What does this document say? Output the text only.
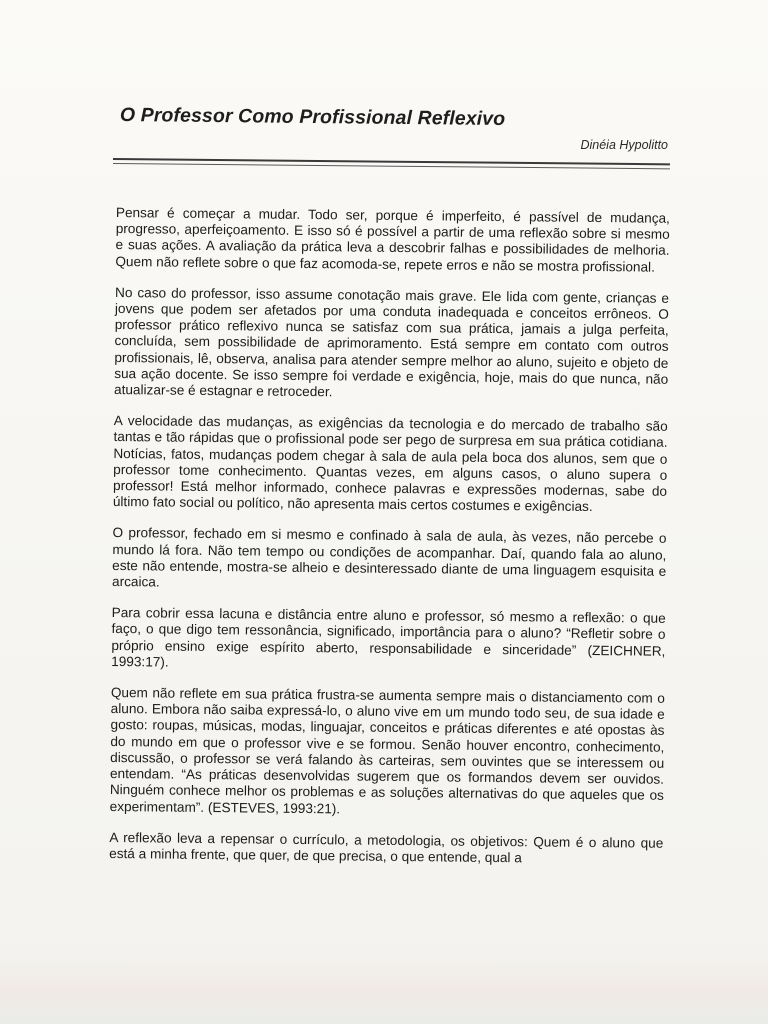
O Professor Como Profissional Reflexivo
Dinéia Hypolitto

Pensar é começar a mudar. Todo ser, porque é imperfeito, é passível de mudança, progresso, aperfeiçoamento. E isso só é possível a partir de uma reflexão sobre si mesmo e suas ações. A avaliação da prática leva a descobrir falhas e possibilidades de melhoria. Quem não reflete sobre o que faz acomoda-se, repete erros e não se mostra profissional.

No caso do professor, isso assume conotação mais grave. Ele lida com gente, crianças e jovens que podem ser afetados por uma conduta inadequada e conceitos errôneos. O professor prático reflexivo nunca se satisfaz com sua prática, jamais a julga perfeita, concluída, sem possibilidade de aprimoramento. Está sempre em contato com outros profissionais, lê, observa, analisa para atender sempre melhor ao aluno, sujeito e objeto de sua ação docente. Se isso sempre foi verdade e exigência, hoje, mais do que nunca, não atualizar-se é estagnar e retroceder.

A velocidade das mudanças, as exigências da tecnologia e do mercado de trabalho são tantas e tão rápidas que o profissional pode ser pego de surpresa em sua prática cotidiana. Notícias, fatos, mudanças podem chegar à sala de aula pela boca dos alunos, sem que o professor tome conhecimento. Quantas vezes, em alguns casos, o aluno supera o professor! Está melhor informado, conhece palavras e expressões modernas, sabe do último fato social ou político, não apresenta mais certos costumes e exigências.

O professor, fechado em si mesmo e confinado à sala de aula, às vezes, não percebe o mundo lá fora. Não tem tempo ou condições de acompanhar. Daí, quando fala ao aluno, este não entende, mostra-se alheio e desinteressado diante de uma linguagem esquisita e arcaica.

Para cobrir essa lacuna e distância entre aluno e professor, só mesmo a reflexão: o que faço, o que digo tem ressonância, significado, importância para o aluno? “Refletir sobre o próprio ensino exige espírito aberto, responsabilidade e sinceridade” (ZEICHNER, 1993:17).

Quem não reflete em sua prática frustra-se aumenta sempre mais o distanciamento com o aluno. Embora não saiba expressá-lo, o aluno vive em um mundo todo seu, de sua idade e gosto: roupas, músicas, modas, linguajar, conceitos e práticas diferentes e até opostas às do mundo em que o professor vive e se formou. Senão houver encontro, conhecimento, discussão, o professor se verá falando às carteiras, sem ouvintes que se interessem ou entendam. “As práticas desenvolvidas sugerem que os formandos devem ser ouvidos. Ninguém conhece melhor os problemas e as soluções alternativas do que aqueles que os experimentam”. (ESTEVES, 1993:21).

A reflexão leva a repensar o currículo, a metodologia, os objetivos: Quem é o aluno que está a minha frente, que quer, de que precisa, o que entende, qual a
